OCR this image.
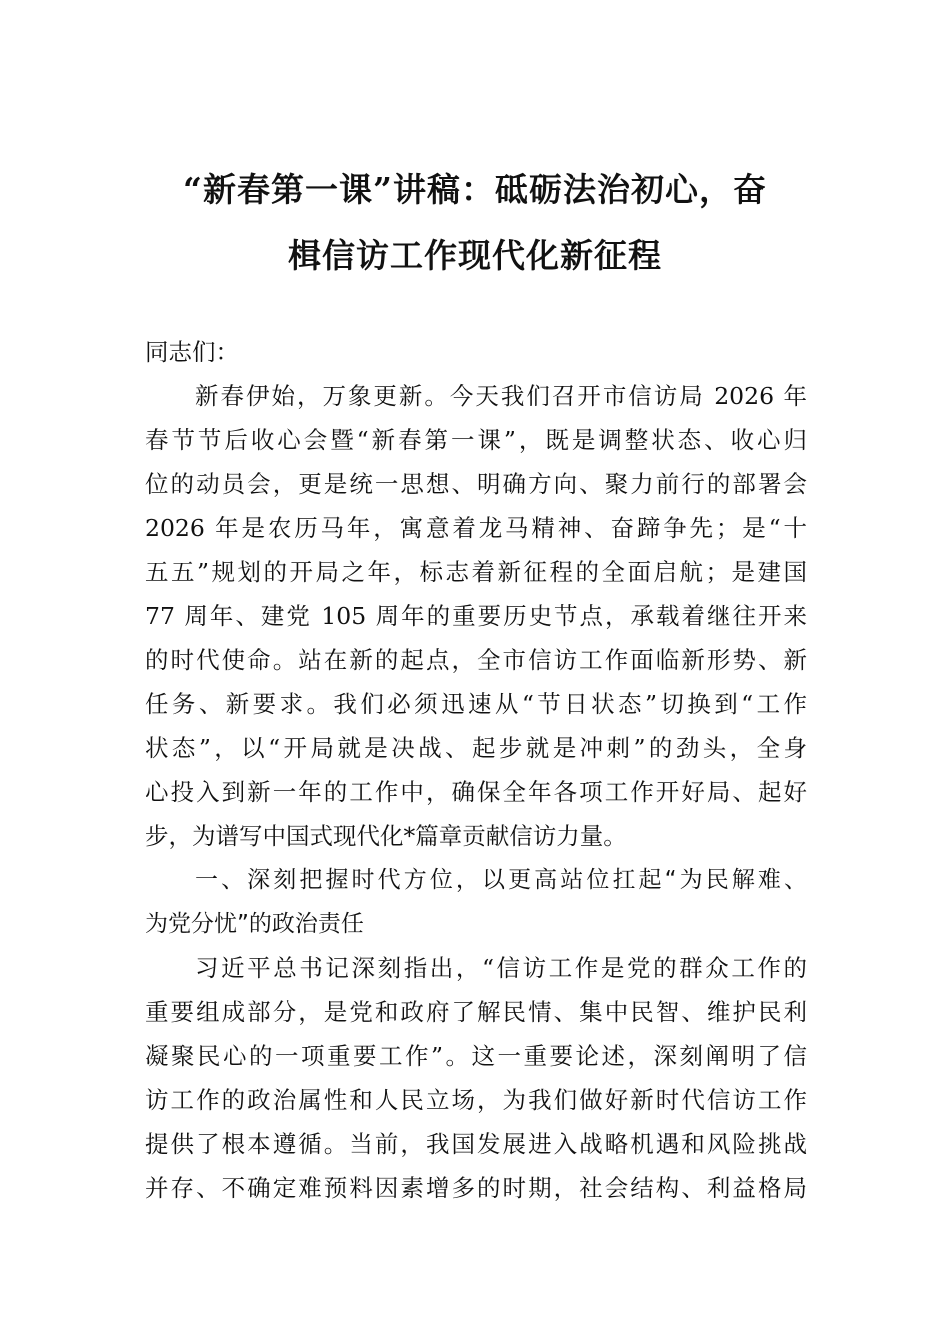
“新春第一课”讲稿：砥砺法治初心，奋
楫信访工作现代化新征程
同志们：
新春伊始，万象更新。今天我们召开市信访局 2026 年
春节节后收心会暨“新春第一课”，既是调整状态、收心归
位的动员会，更是统一思想、明确方向、聚力前行的部署会
2026 年是农历马年，寓意着龙马精神、奋蹄争先；是“十
五五”规划的开局之年，标志着新征程的全面启航；是建国
77 周年、建党 105 周年的重要历史节点，承载着继往开来
的时代使命。站在新的起点，全市信访工作面临新形势、新
任务、新要求。我们必须迅速从“节日状态”切换到“工作
状态”，以“开局就是决战、起步就是冲刺”的劲头，全身
心投入到新一年的工作中，确保全年各项工作开好局、起好
步，为谱写中国式现代化*篇章贡献信访力量。
一、深刻把握时代方位，以更高站位扛起“为民解难、
为党分忧”的政治责任
习近平总书记深刻指出，“信访工作是党的群众工作的
重要组成部分，是党和政府了解民情、集中民智、维护民利
凝聚民心的一项重要工作”。这一重要论述，深刻阐明了信
访工作的政治属性和人民立场，为我们做好新时代信访工作
提供了根本遵循。当前，我国发展进入战略机遇和风险挑战
并存、不确定难预料因素增多的时期，社会结构、利益格局
